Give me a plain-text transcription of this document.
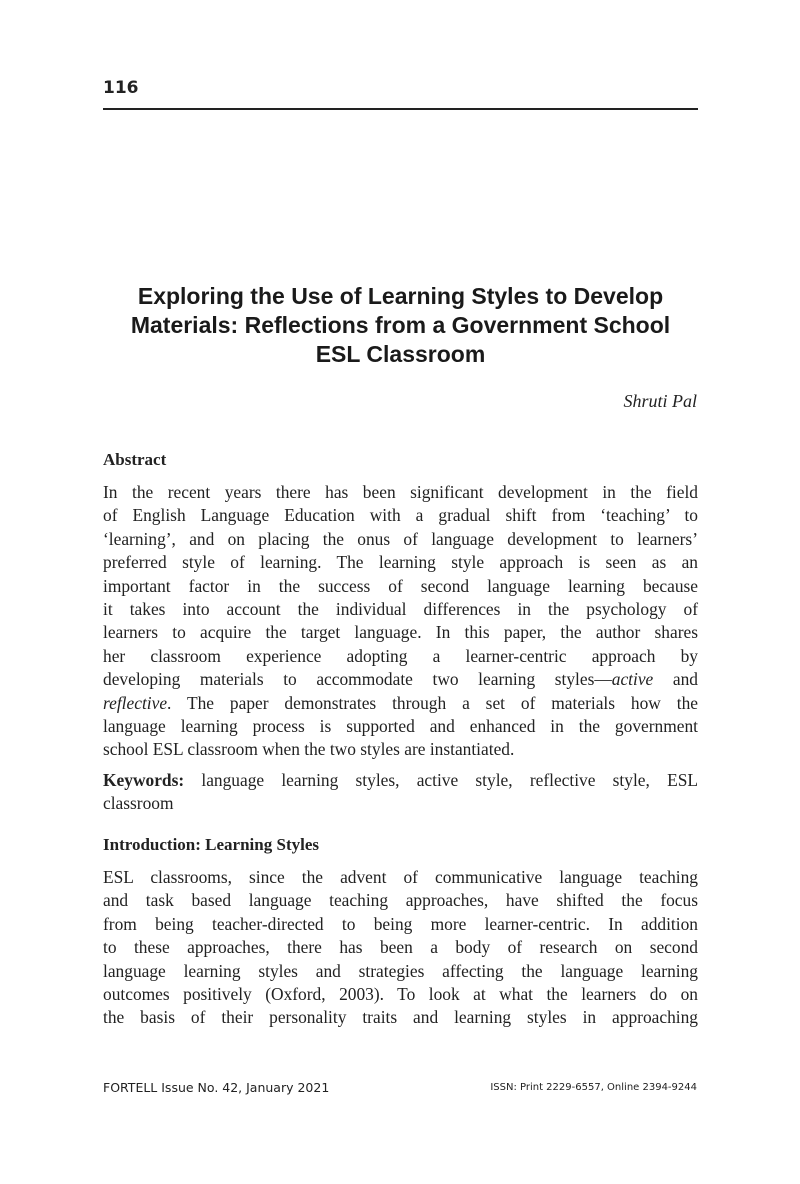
116
Exploring the Use of Learning Styles to Develop
Materials: Reflections from a Government School
ESL Classroom
Shruti Pal
Abstract
In the recent years there has been significant development in the field
of English Language Education with a gradual shift from ‘teaching’ to
‘learning’, and on placing the onus of language development to learners’
preferred style of learning. The learning style approach is seen as an
important factor in the success of second language learning because
it takes into account the individual differences in the psychology of
learners to acquire the target language. In this paper, the author shares
her classroom experience adopting a learner-centric approach by
developing materials to accommodate two learning styles—active and
reflective. The paper demonstrates through a set of materials how the
language learning process is supported and enhanced in the government
school ESL classroom when the two styles are instantiated.
Keywords: language learning styles, active style, reflective style, ESL
classroom
Introduction: Learning Styles
ESL classrooms, since the advent of communicative language teaching
and task based language teaching approaches, have shifted the focus
from being teacher-directed to being more learner-centric. In addition
to these approaches, there has been a body of research on second
language learning styles and strategies affecting the language learning
outcomes positively (Oxford, 2003). To look at what the learners do on
the basis of their personality traits and learning styles in approaching
FORTELL Issue No. 42, January 2021	ISSN: Print 2229-6557, Online 2394-9244
